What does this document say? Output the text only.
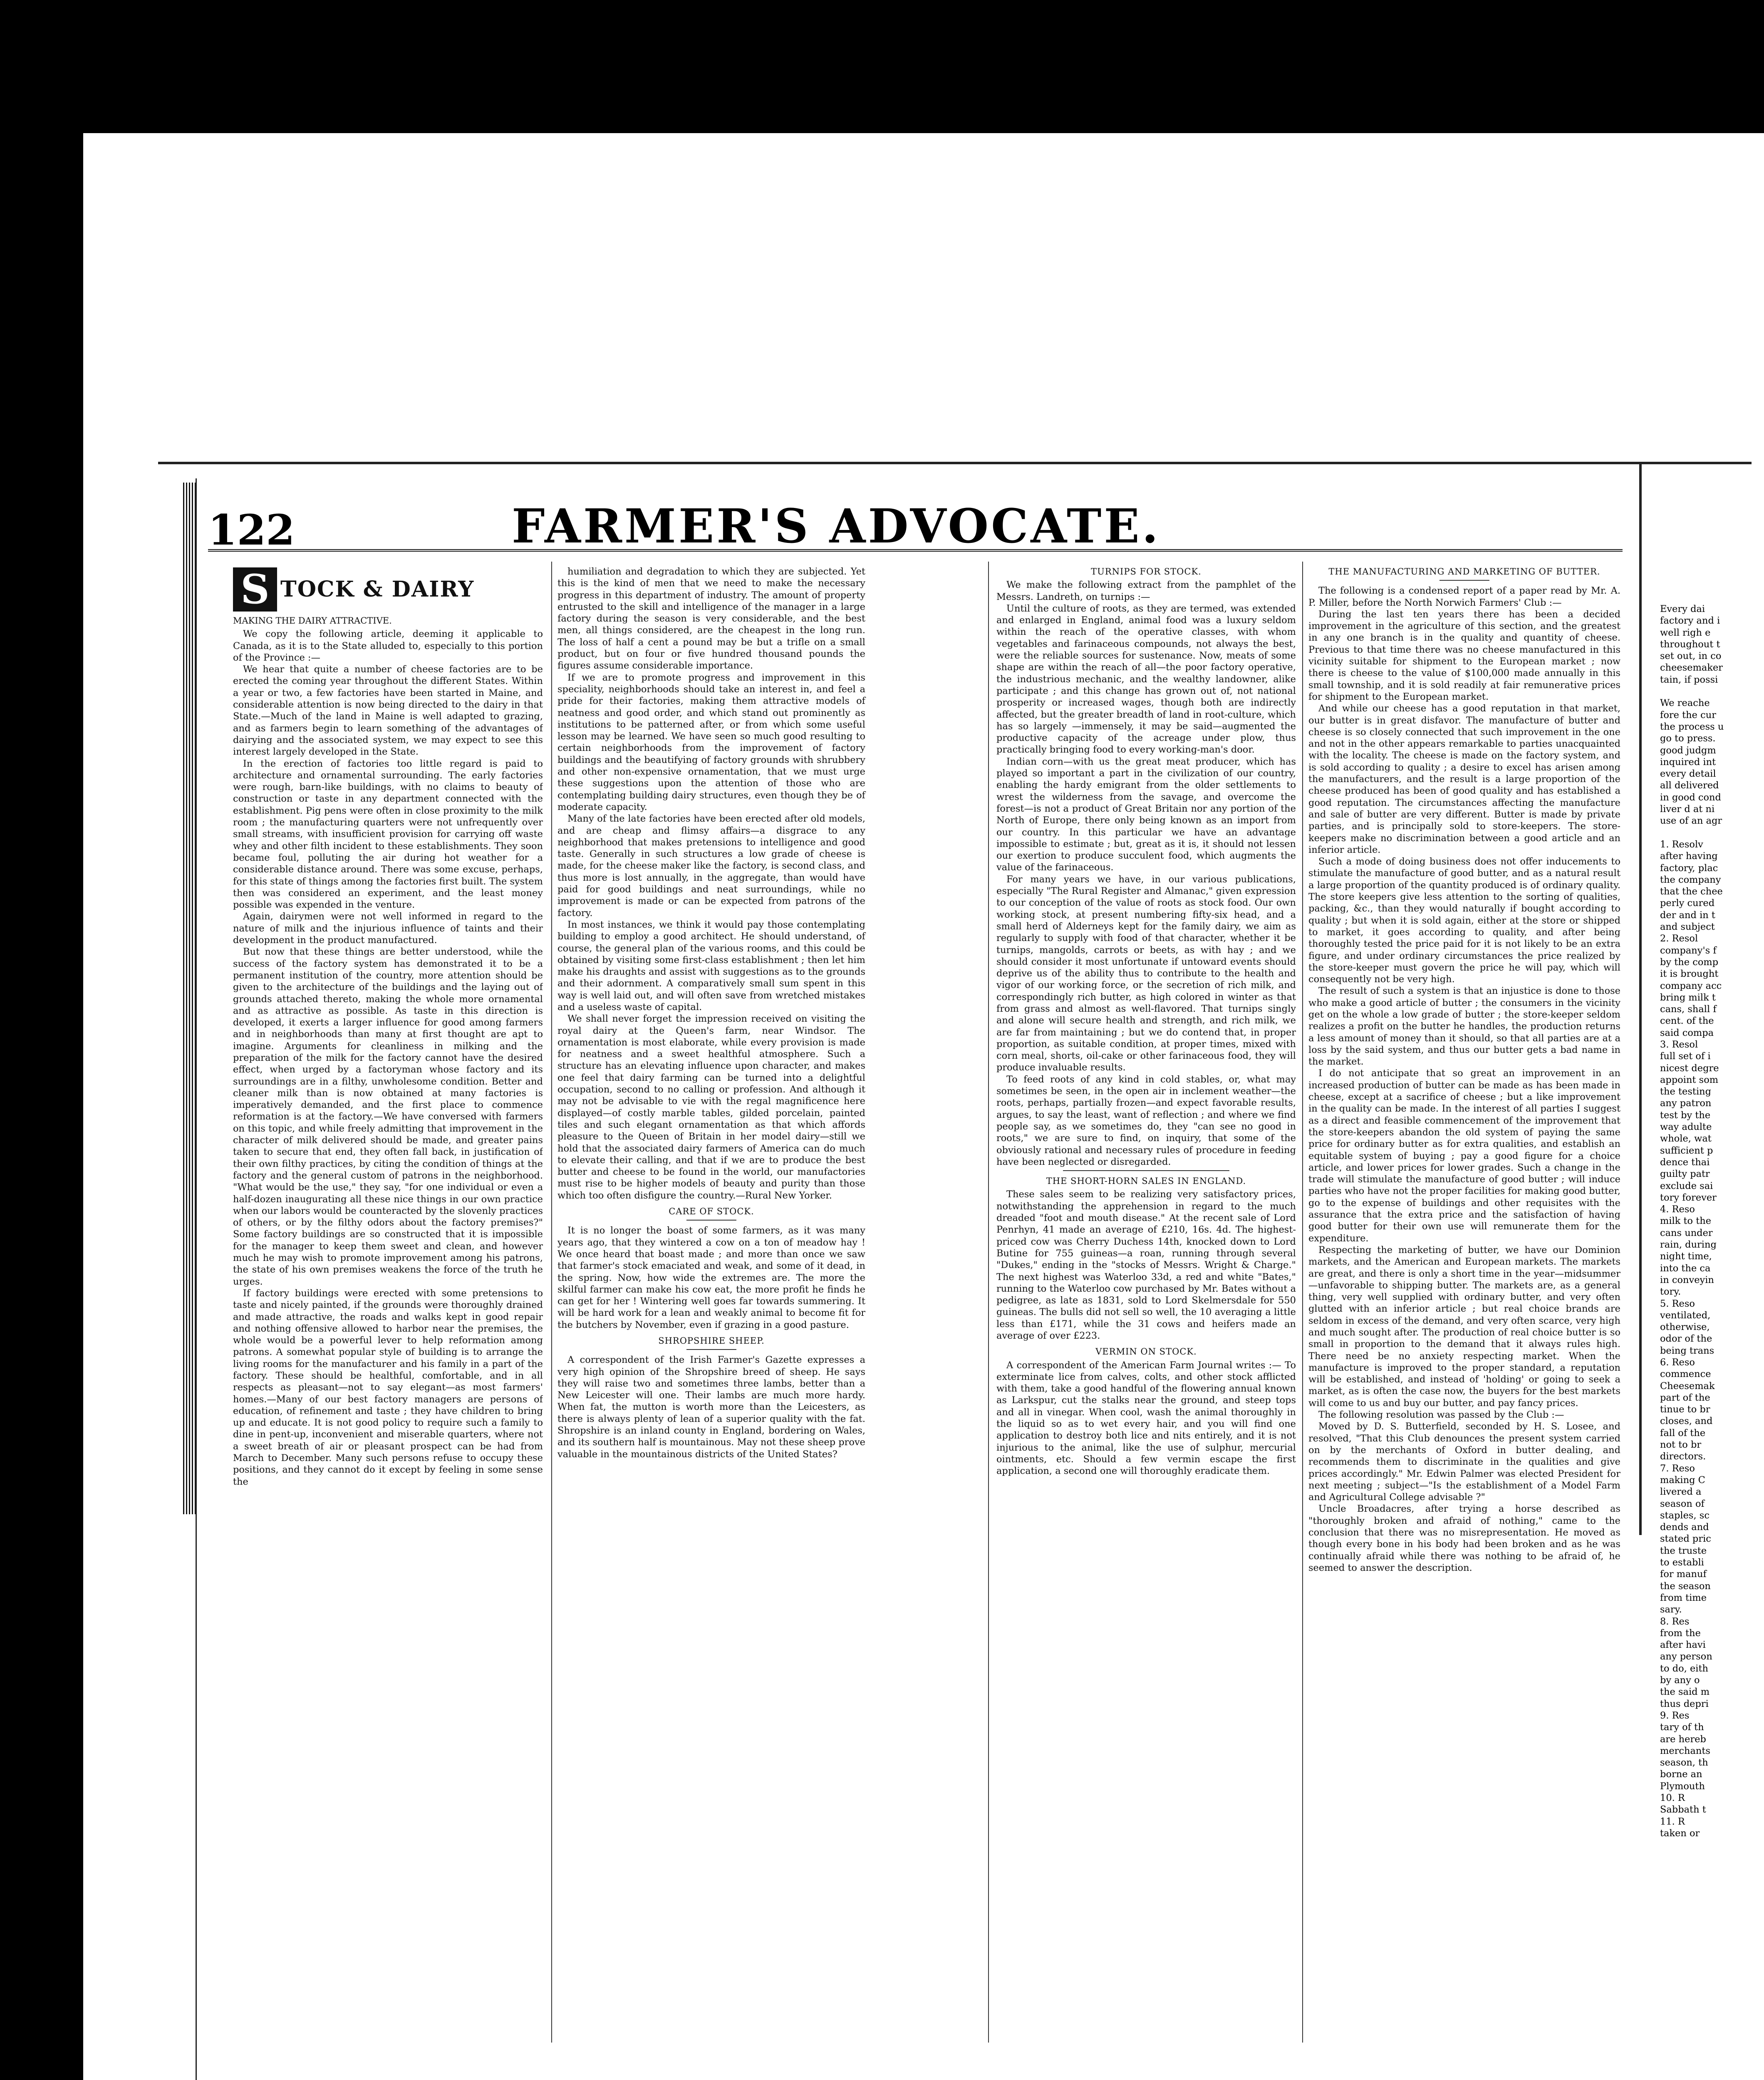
122	FARMER'S ADVOCATE.
S TOCK & DAIRY
MAKING THE DAIRY ATTRACTIVE.

We copy the following article, deeming it applicable to Canada, as it is to the State alluded to, especially to this portion of the Province :—

We hear that quite a number of cheese factories are to be erected the coming year throughout the different States. Within a year or two, a few factories have been started in Maine, and considerable attention is now being directed to the dairy in that State.—Much of the land in Maine is well adapted to grazing, and as farmers begin to learn something of the advantages of dairying and the associated system, we may expect to see this interest largely developed in the State.

In the erection of factories too little regard is paid to architecture and ornamental surrounding. The early factories were rough, barn-like buildings, with no claims to beauty of construction or taste in any department connected with the establishment. Pig pens were often in close proximity to the milk room ; the manufacturing quarters were not unfrequently over small streams, with insufficient provision for carrying off waste whey and other filth incident to these establishments. They soon became foul, polluting the air during hot weather for a considerable distance around. There was some excuse, perhaps, for this state of things among the factories first built. The system then was considered an experiment, and the least money possible was expended in the venture.

Again, dairymen were not well informed in regard to the nature of milk and the injurious influence of taints and their development in the product manufactured.

But now that these things are better understood, while the success of the factory system has demonstrated it to be a permanent institution of the country, more attention should be given to the architecture of the buildings and the laying out of grounds attached thereto, making the whole more ornamental and as attractive as possible. As taste in this direction is developed, it exerts a larger influence for good among farmers and in neighborhoods than many at first thought are apt to imagine. Arguments for cleanliness in milking and the preparation of the milk for the factory cannot have the desired effect, when urged by a factoryman whose factory and its surroundings are in a filthy, unwholesome condition. Better and cleaner milk than is now obtained at many factories is imperatively demanded, and the first place to commence reformation is at the factory.—We have conversed with farmers on this topic, and while freely admitting that improvement in the character of milk delivered should be made, and greater pains taken to secure that end, they often fall back, in justification of their own filthy practices, by citing the condition of things at the factory and the general custom of patrons in the neighborhood. "What would be the use," they say, "for one individual or even a half-dozen inaugurating all these nice things in our own practice when our labors would be counteracted by the slovenly practices of others, or by the filthy odors about the factory premises?" Some factory buildings are so constructed that it is impossible for the manager to keep them sweet and clean, and however much he may wish to promote improvement among his patrons, the state of his own premises weakens the force of the truth he urges.

If factory buildings were erected with some pretensions to taste and nicely painted, if the grounds were thoroughly drained and made attractive, the roads and walks kept in good repair and nothing offensive allowed to harbor near the premises, the whole would be a powerful lever to help reformation among patrons. A somewhat popular style of building is to arrange the living rooms for the manufacturer and his family in a part of the factory. These should be healthful, comfortable, and in all respects as pleasant—not to say elegant—as most farmers' homes.—Many of our best factory managers are persons of education, of refinement and taste ; they have children to bring up and educate. It is not good policy to require such a family to dine in pent-up, inconvenient and miserable quarters, where not a sweet breath of air or pleasant prospect can be had from March to December. Many such persons refuse to occupy these positions, and they cannot do it except by feeling in some sense the

humiliation and degradation to which they are subjected. Yet this is the kind of men that we need to make the necessary progress in this department of industry. The amount of property entrusted to the skill and intelligence of the manager in a large factory during the season is very considerable, and the best men, all things considered, are the cheapest in the long run. The loss of half a cent a pound may be but a trifle on a small product, but on four or five hundred thousand pounds the figures assume considerable importance.

If we are to promote progress and improvement in this speciality, neighborhoods should take an interest in, and feel a pride for their factories, making them attractive models of neatness and good order, and which stand out prominently as institutions to be patterned after, or from which some useful lesson may be learned. We have seen so much good resulting to certain neighborhoods from the improvement of factory buildings and the beautifying of factory grounds with shrubbery and other non-expensive ornamentation, that we must urge these suggestions upon the attention of those who are contemplating building dairy structures, even though they be of moderate capacity.

Many of the late factories have been erected after old models, and are cheap and flimsy affairs—a disgrace to any neighborhood that makes pretensions to intelligence and good taste. Generally in such structures a low grade of cheese is made, for the cheese maker like the factory, is second class, and thus more is lost annually, in the aggregate, than would have paid for good buildings and neat surroundings, while no improvement is made or can be expected from patrons of the factory.

In most instances, we think it would pay those contemplating building to employ a good architect. He should understand, of course, the general plan of the various rooms, and this could be obtained by visiting some first-class establishment ; then let him make his draughts and assist with suggestions as to the grounds and their adornment. A comparatively small sum spent in this way is well laid out, and will often save from wretched mistakes and a useless waste of capital.

We shall never forget the impression received on visiting the royal dairy at the Queen's farm, near Windsor. The ornamentation is most elaborate, while every provision is made for neatness and a sweet healthful atmosphere. Such a structure has an elevating influence upon character, and makes one feel that dairy farming can be turned into a delightful occupation, second to no calling or profession. And although it may not be advisable to vie with the regal magnificence here displayed—of costly marble tables, gilded porcelain, painted tiles and such elegant ornamentation as that which affords pleasure to the Queen of Britain in her model dairy—still we hold that the associated dairy farmers of America can do much to elevate their calling, and that if we are to produce the best butter and cheese to be found in the world, our manufactories must rise to be higher models of beauty and purity than those which too often disfigure the country.—Rural New Yorker.

CARE OF STOCK.

It is no longer the boast of some farmers, as it was many years ago, that they wintered a cow on a ton of meadow hay ! We once heard that boast made ; and more than once we saw that farmer's stock emaciated and weak, and some of it dead, in the spring. Now, how wide the extremes are. The more the skilful farmer can make his cow eat, the more profit he finds he can get for her ! Wintering well goes far towards summering. It will be hard work for a lean and weakly animal to become fit for the butchers by November, even if grazing in a good pasture.

SHROPSHIRE SHEEP.

A correspondent of the Irish Farmer's Gazette expresses a very high opinion of the Shropshire breed of sheep. He says they will raise two and sometimes three lambs, better than a New Leicester will one. Their lambs are much more hardy. When fat, the mutton is worth more than the Leicesters, as there is always plenty of lean of a superior quality with the fat. Shropshire is an inland county in England, bordering on Wales, and its southern half is mountainous. May not these sheep prove valuable in the mountainous districts of the United States?

TURNIPS FOR STOCK.

We make the following extract from the pamphlet of the Messrs. Landreth, on turnips :—

Until the culture of roots, as they are termed, was extended and enlarged in England, animal food was a luxury seldom within the reach of the operative classes, with whom vegetables and farinaceous compounds, not always the best, were the reliable sources for sustenance. Now, meats of some shape are within the reach of all—the poor factory operative, the industrious mechanic, and the wealthy landowner, alike participate ; and this change has grown out of, not national prosperity or increased wages, though both are indirectly affected, but the greater breadth of land in root-culture, which has so largely —immensely, it may be said—augmented the productive capacity of the acreage under plow, thus practically bringing food to every working-man's door.

Indian corn—with us the great meat producer, which has played so important a part in the civilization of our country, enabling the hardy emigrant from the older settlements to wrest the wilderness from the savage, and overcome the forest—is not a product of Great Britain nor any portion of the North of Europe, there only being known as an import from our country. In this particular we have an advantage impossible to estimate ; but, great as it is, it should not lessen our exertion to produce succulent food, which augments the value of the farinaceous.

For many years we have, in our various publications, especially "The Rural Register and Almanac," given expression to our conception of the value of roots as stock food. Our own working stock, at present numbering fifty-six head, and a small herd of Alderneys kept for the family dairy, we aim as regularly to supply with food of that character, whether it be turnips, mangolds, carrots or beets, as with hay ; and we should consider it most unfortunate if untoward events should deprive us of the ability thus to contribute to the health and vigor of our working force, or the secretion of rich milk, and correspondingly rich butter, as high colored in winter as that from grass and almost as well-flavored. That turnips singly and alone will secure health and strength, and rich milk, we are far from maintaining ; but we do contend that, in proper proportion, as suitable condition, at proper times, mixed with corn meal, shorts, oil-cake or other farinaceous food, they will produce invaluable results.

To feed roots of any kind in cold stables, or, what may sometimes be seen, in the open air in inclement weather—the roots, perhaps, partially frozen—and expect favorable results, argues, to say the least, want of reflection ; and where we find people say, as we sometimes do, they "can see no good in roots," we are sure to find, on inquiry, that some of the obviously rational and necessary rules of procedure in feeding have been neglected or disregarded.

THE SHORT-HORN SALES IN ENGLAND.

These sales seem to be realizing very satisfactory prices, notwithstanding the apprehension in regard to the much dreaded "foot and mouth disease." At the recent sale of Lord Penrhyn, 41 made an average of £210, 16s. 4d. The highest-priced cow was Cherry Duchess 14th, knocked down to Lord Butine for 755 guineas—a roan, running through several "Dukes," ending in the "stocks of Messrs. Wright & Charge." The next highest was Waterloo 33d, a red and white "Bates," running to the Waterloo cow purchased by Mr. Bates without a pedigree, as late as 1831, sold to Lord Skelmersdale for 550 guineas. The bulls did not sell so well, the 10 averaging a little less than £171, while the 31 cows and heifers made an average of over £223.

VERMIN ON STOCK.

A correspondent of the American Farm Journal writes :— To exterminate lice from calves, colts, and other stock afflicted with them, take a good handful of the flowering annual known as Larkspur, cut the stalks near the ground, and steep tops and all in vinegar. When cool, wash the animal thoroughly in the liquid so as to wet every hair, and you will find one application to destroy both lice and nits entirely, and it is not injurious to the animal, like the use of sulphur, mercurial ointments, etc. Should a few vermin escape the first application, a second one will thoroughly eradicate them.

THE MANUFACTURING AND MARKETING OF BUTTER.

The following is a condensed report of a paper read by Mr. A. P. Miller, before the North Norwich Farmers' Club :—

During the last ten years there has been a decided improvement in the agriculture of this section, and the greatest in any one branch is in the quality and quantity of cheese. Previous to that time there was no cheese manufactured in this vicinity suitable for shipment to the European market ; now there is cheese to the value of $100,000 made annually in this small township, and it is sold readily at fair remunerative prices for shipment to the European market.

And while our cheese has a good reputation in that market, our butter is in great disfavor. The manufacture of butter and cheese is so closely connected that such improvement in the one and not in the other appears remarkable to parties unacquainted with the locality. The cheese is made on the factory system, and is sold according to quality ; a desire to excel has arisen among the manufacturers, and the result is a large proportion of the cheese produced has been of good quality and has established a good reputation. The circumstances affecting the manufacture and sale of butter are very different. Butter is made by private parties, and is principally sold to store-keepers. The store-keepers make no discrimination between a good article and an inferior article.

Such a mode of doing business does not offer inducements to stimulate the manufacture of good butter, and as a natural result a large proportion of the quantity produced is of ordinary quality. The store keepers give less attention to the sorting of qualities, packing, &c., than they would naturally if bought according to quality ; but when it is sold again, either at the store or shipped to market, it goes according to quality, and after being thoroughly tested the price paid for it is not likely to be an extra figure, and under ordinary circumstances the price realized by the store-keeper must govern the price he will pay, which will consequently not be very high.

The result of such a system is that an injustice is done to those who make a good article of butter ; the consumers in the vicinity get on the whole a low grade of butter ; the store-keeper seldom realizes a profit on the butter he handles, the production returns a less amount of money than it should, so that all parties are at a loss by the said system, and thus our butter gets a bad name in the market.

I do not anticipate that so great an improvement in an increased production of butter can be made as has been made in cheese, except at a sacrifice of cheese ; but a like improvement in the quality can be made. In the interest of all parties I suggest as a direct and feasible commencement of the improvement that the store-keepers abandon the old system of paying the same price for ordinary butter as for extra qualities, and establish an equitable system of buying ; pay a good figure for a choice article, and lower prices for lower grades. Such a change in the trade will stimulate the manufacture of good butter ; will induce parties who have not the proper facilities for making good butter, go to the expense of buildings and other requisites with the assurance that the extra price and the satisfaction of having good butter for their own use will remunerate them for the expenditure.

Respecting the marketing of butter, we have our Dominion markets, and the American and European markets. The markets are great, and there is only a short time in the year—midsummer—unfavorable to shipping butter. The markets are, as a general thing, very well supplied with ordinary butter, and very often glutted with an inferior article ; but real choice brands are seldom in excess of the demand, and very often scarce, very high and much sought after. The production of real choice butter is so small in proportion to the demand that it always rules high. There need be no anxiety respecting market. When the manufacture is improved to the proper standard, a reputation will be established, and instead of 'holding' or going to seek a market, as is often the case now, the buyers for the best markets will come to us and buy our butter, and pay fancy prices.

The following resolution was passed by the Club :—

Moved by D. S. Butterfield, seconded by H. S. Losee, and resolved, "That this Club denounces the present system carried on by the merchants of Oxford in butter dealing, and recommends them to discriminate in the qualities and give prices accordingly." Mr. Edwin Palmer was elected President for next meeting ; subject—"Is the establishment of a Model Farm and Agricultural College advisable ?"

Uncle Broadacres, after trying a horse described as "thoroughly broken and afraid of nothing," came to the conclusion that there was no misrepresentation. He moved as though every bone in his body had been broken and as he was continually afraid while there was nothing to be afraid of, he seemed to answer the description.

Every dai

factory and i

well righ e

throughout t

set out, in co

cheesemaker

tain, if possi

We reache

fore the cur

the process u

go to press.

good judgm

inquired int

every detail

all delivered

in good cond

liver d at ni

use of an agr

1. Resolv

after having

factory, plac

the company

that the chee

perly cured

der and in t

and subject

2. Resol

company's f

by the comp

it is brought

company acc

bring milk t

cans, shall f

cent. of the

said compa

3. Resol

full set of i

nicest degre

appoint som

the testing

any patron

test by the

way adulte

whole, wat

sufficient p

dence thai

guilty patr

exclude sai

tory forever

4. Reso

milk to the

cans under

rain, during

night time,

into the ca

in conveyin

tory.

5. Reso

ventilated,

otherwise,

odor of the

being trans

6. Reso

commence

Cheesemak

part of the

tinue to br

closes, and

fall of the

not to br

directors.

7. Reso

making C

livered a

season of

staples, sc

dends and

stated pric

the truste

to establi

for manuf

the season

from time

sary.

8. Res

from the

after havi

any person

to do, eith

by any o

the said m

thus depri

9. Res

tary of th

are hereb

merchants

season, th

borne an

Plymouth

10. R

Sabbath t

11. R

taken or
